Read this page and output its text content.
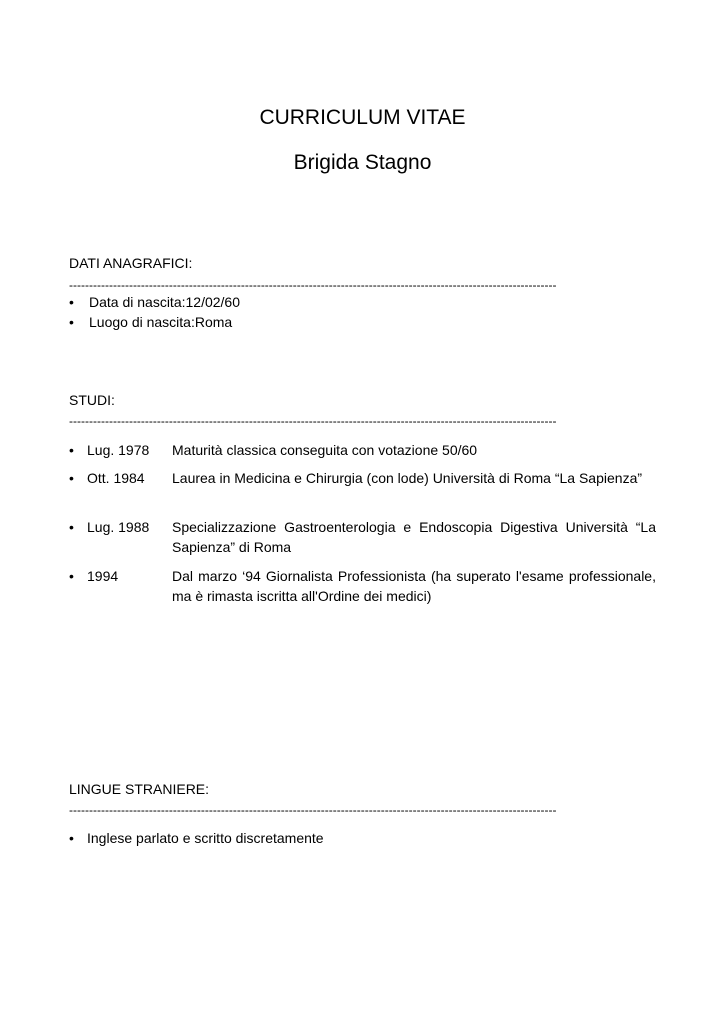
CURRICULUM VITAE
Brigida Stagno
DATI ANAGRAFICI:
--------------------------------------------------------------------------------------------------------------------------
• Data di nascita:12/02/60
• Luogo di nascita:Roma
STUDI:
--------------------------------------------------------------------------------------------------------------------------
• Lug. 1978 Maturità classica conseguita con votazione 50/60
• Ott. 1984 Laurea in Medicina e Chirurgia (con lode) Università di Roma “La Sapienza”
• Lug. 1988 Specializzazione Gastroenterologia e Endoscopia Digestiva Università “La Sapienza” di Roma
• 1994	Dal marzo ‘94 Giornalista Professionista (ha superato l'esame professionale, ma è rimasta iscritta all'Ordine dei medici)
LINGUE STRANIERE:
--------------------------------------------------------------------------------------------------------------------------
• Inglese parlato e scritto discretamente
